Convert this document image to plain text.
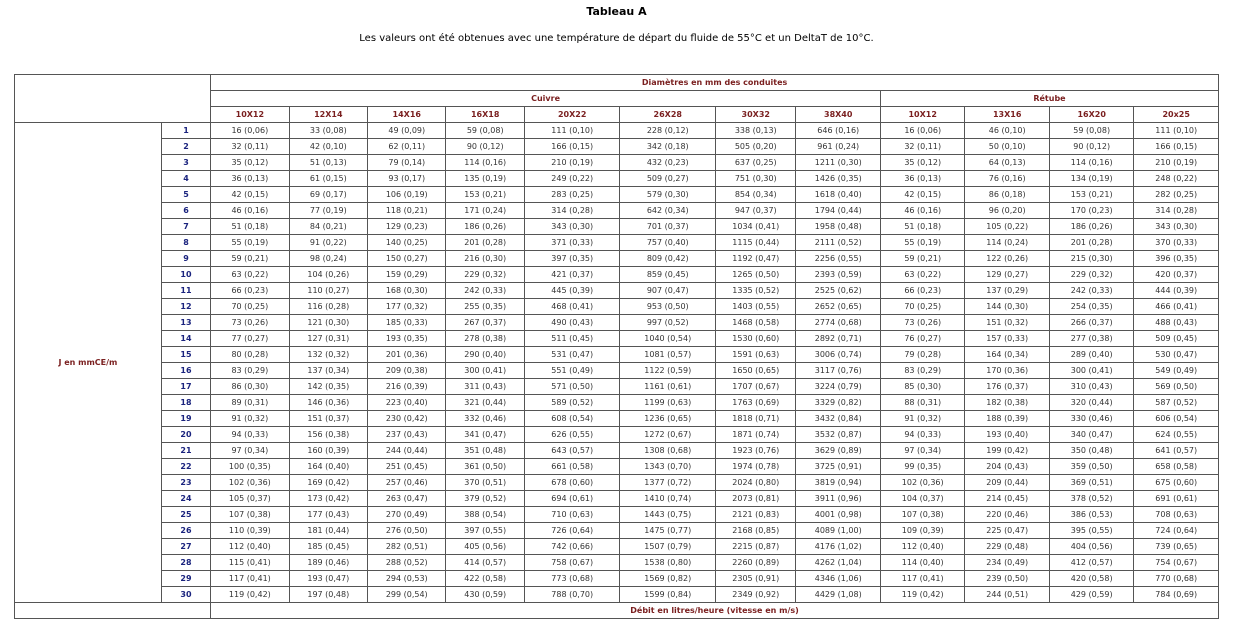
Tableau A
Les valeurs ont été obtenues avec une température de départ du fluide de 55°C et un DeltaT de 10°C.
		Diamètres en mm des conduites											
		Cuivre								Rétube			
		10X12	12X14	14X16	16X18	20X22	26X28	30X32	38X40	10X12	13X16	16X20	20x25
J en mmCE/m	1	16 (0,06)	33 (0,08)	49 (0,09)	59 (0,08)	111 (0,10)	228 (0,12)	338 (0,13)	646 (0,16)	16 (0,06)	46 (0,10)	59 (0,08)	111 (0,10)
	2	32 (0,11)	42 (0,10)	62 (0,11)	90 (0,12)	166 (0,15)	342 (0,18)	505 (0,20)	961 (0,24)	32 (0,11)	50 (0,10)	90 (0,12)	166 (0,15)
	3	35 (0,12)	51 (0,13)	79 (0,14)	114 (0,16)	210 (0,19)	432 (0,23)	637 (0,25)	1211 (0,30)	35 (0,12)	64 (0,13)	114 (0,16)	210 (0,19)
	4	36 (0,13)	61 (0,15)	93 (0,17)	135 (0,19)	249 (0,22)	509 (0,27)	751 (0,30)	1426 (0,35)	36 (0,13)	76 (0,16)	134 (0,19)	248 (0,22)
	5	42 (0,15)	69 (0,17)	106 (0,19)	153 (0,21)	283 (0,25)	579 (0,30)	854 (0,34)	1618 (0,40)	42 (0,15)	86 (0,18)	153 (0,21)	282 (0,25)
	6	46 (0,16)	77 (0,19)	118 (0,21)	171 (0,24)	314 (0,28)	642 (0,34)	947 (0,37)	1794 (0,44)	46 (0,16)	96 (0,20)	170 (0,23)	314 (0,28)
	7	51 (0,18)	84 (0,21)	129 (0,23)	186 (0,26)	343 (0,30)	701 (0,37)	1034 (0,41)	1958 (0,48)	51 (0,18)	105 (0,22)	186 (0,26)	343 (0,30)
	8	55 (0,19)	91 (0,22)	140 (0,25)	201 (0,28)	371 (0,33)	757 (0,40)	1115 (0,44)	2111 (0,52)	55 (0,19)	114 (0,24)	201 (0,28)	370 (0,33)
	9	59 (0,21)	98 (0,24)	150 (0,27)	216 (0,30)	397 (0,35)	809 (0,42)	1192 (0,47)	2256 (0,55)	59 (0,21)	122 (0,26)	215 (0,30)	396 (0,35)
	10	63 (0,22)	104 (0,26)	159 (0,29)	229 (0,32)	421 (0,37)	859 (0,45)	1265 (0,50)	2393 (0,59)	63 (0,22)	129 (0,27)	229 (0,32)	420 (0,37)
	11	66 (0,23)	110 (0,27)	168 (0,30)	242 (0,33)	445 (0,39)	907 (0,47)	1335 (0,52)	2525 (0,62)	66 (0,23)	137 (0,29)	242 (0,33)	444 (0,39)
	12	70 (0,25)	116 (0,28)	177 (0,32)	255 (0,35)	468 (0,41)	953 (0,50)	1403 (0,55)	2652 (0,65)	70 (0,25)	144 (0,30)	254 (0,35)	466 (0,41)
	13	73 (0,26)	121 (0,30)	185 (0,33)	267 (0,37)	490 (0,43)	997 (0,52)	1468 (0,58)	2774 (0,68)	73 (0,26)	151 (0,32)	266 (0,37)	488 (0,43)
	14	77 (0,27)	127 (0,31)	193 (0,35)	278 (0,38)	511 (0,45)	1040 (0,54)	1530 (0,60)	2892 (0,71)	76 (0,27)	157 (0,33)	277 (0,38)	509 (0,45)
	15	80 (0,28)	132 (0,32)	201 (0,36)	290 (0,40)	531 (0,47)	1081 (0,57)	1591 (0,63)	3006 (0,74)	79 (0,28)	164 (0,34)	289 (0,40)	530 (0,47)
	16	83 (0,29)	137 (0,34)	209 (0,38)	300 (0,41)	551 (0,49)	1122 (0,59)	1650 (0,65)	3117 (0,76)	83 (0,29)	170 (0,36)	300 (0,41)	549 (0,49)
	17	86 (0,30)	142 (0,35)	216 (0,39)	311 (0,43)	571 (0,50)	1161 (0,61)	1707 (0,67)	3224 (0,79)	85 (0,30)	176 (0,37)	310 (0,43)	569 (0,50)
	18	89 (0,31)	146 (0,36)	223 (0,40)	321 (0,44)	589 (0,52)	1199 (0,63)	1763 (0,69)	3329 (0,82)	88 (0,31)	182 (0,38)	320 (0,44)	587 (0,52)
	19	91 (0,32)	151 (0,37)	230 (0,42)	332 (0,46)	608 (0,54)	1236 (0,65)	1818 (0,71)	3432 (0,84)	91 (0,32)	188 (0,39)	330 (0,46)	606 (0,54)
	20	94 (0,33)	156 (0,38)	237 (0,43)	341 (0,47)	626 (0,55)	1272 (0,67)	1871 (0,74)	3532 (0,87)	94 (0,33)	193 (0,40)	340 (0,47)	624 (0,55)
	21	97 (0,34)	160 (0,39)	244 (0,44)	351 (0,48)	643 (0,57)	1308 (0,68)	1923 (0,76)	3629 (0,89)	97 (0,34)	199 (0,42)	350 (0,48)	641 (0,57)
	22	100 (0,35)	164 (0,40)	251 (0,45)	361 (0,50)	661 (0,58)	1343 (0,70)	1974 (0,78)	3725 (0,91)	99 (0,35)	204 (0,43)	359 (0,50)	658 (0,58)
	23	102 (0,36)	169 (0,42)	257 (0,46)	370 (0,51)	678 (0,60)	1377 (0,72)	2024 (0,80)	3819 (0,94)	102 (0,36)	209 (0,44)	369 (0,51)	675 (0,60)
	24	105 (0,37)	173 (0,42)	263 (0,47)	379 (0,52)	694 (0,61)	1410 (0,74)	2073 (0,81)	3911 (0,96)	104 (0,37)	214 (0,45)	378 (0,52)	691 (0,61)
	25	107 (0,38)	177 (0,43)	270 (0,49)	388 (0,54)	710 (0,63)	1443 (0,75)	2121 (0,83)	4001 (0,98)	107 (0,38)	220 (0,46)	386 (0,53)	708 (0,63)
	26	110 (0,39)	181 (0,44)	276 (0,50)	397 (0,55)	726 (0,64)	1475 (0,77)	2168 (0,85)	4089 (1,00)	109 (0,39)	225 (0,47)	395 (0,55)	724 (0,64)
	27	112 (0,40)	185 (0,45)	282 (0,51)	405 (0,56)	742 (0,66)	1507 (0,79)	2215 (0,87)	4176 (1,02)	112 (0,40)	229 (0,48)	404 (0,56)	739 (0,65)
	28	115 (0,41)	189 (0,46)	288 (0,52)	414 (0,57)	758 (0,67)	1538 (0,80)	2260 (0,89)	4262 (1,04)	114 (0,40)	234 (0,49)	412 (0,57)	754 (0,67)
	29	117 (0,41)	193 (0,47)	294 (0,53)	422 (0,58)	773 (0,68)	1569 (0,82)	2305 (0,91)	4346 (1,06)	117 (0,41)	239 (0,50)	420 (0,58)	770 (0,68)
	30	119 (0,42)	197 (0,48)	299 (0,54)	430 (0,59)	788 (0,70)	1599 (0,84)	2349 (0,92)	4429 (1,08)	119 (0,42)	244 (0,51)	429 (0,59)	784 (0,69)
		Débit en litres/heure (vitesse en m/s)											
